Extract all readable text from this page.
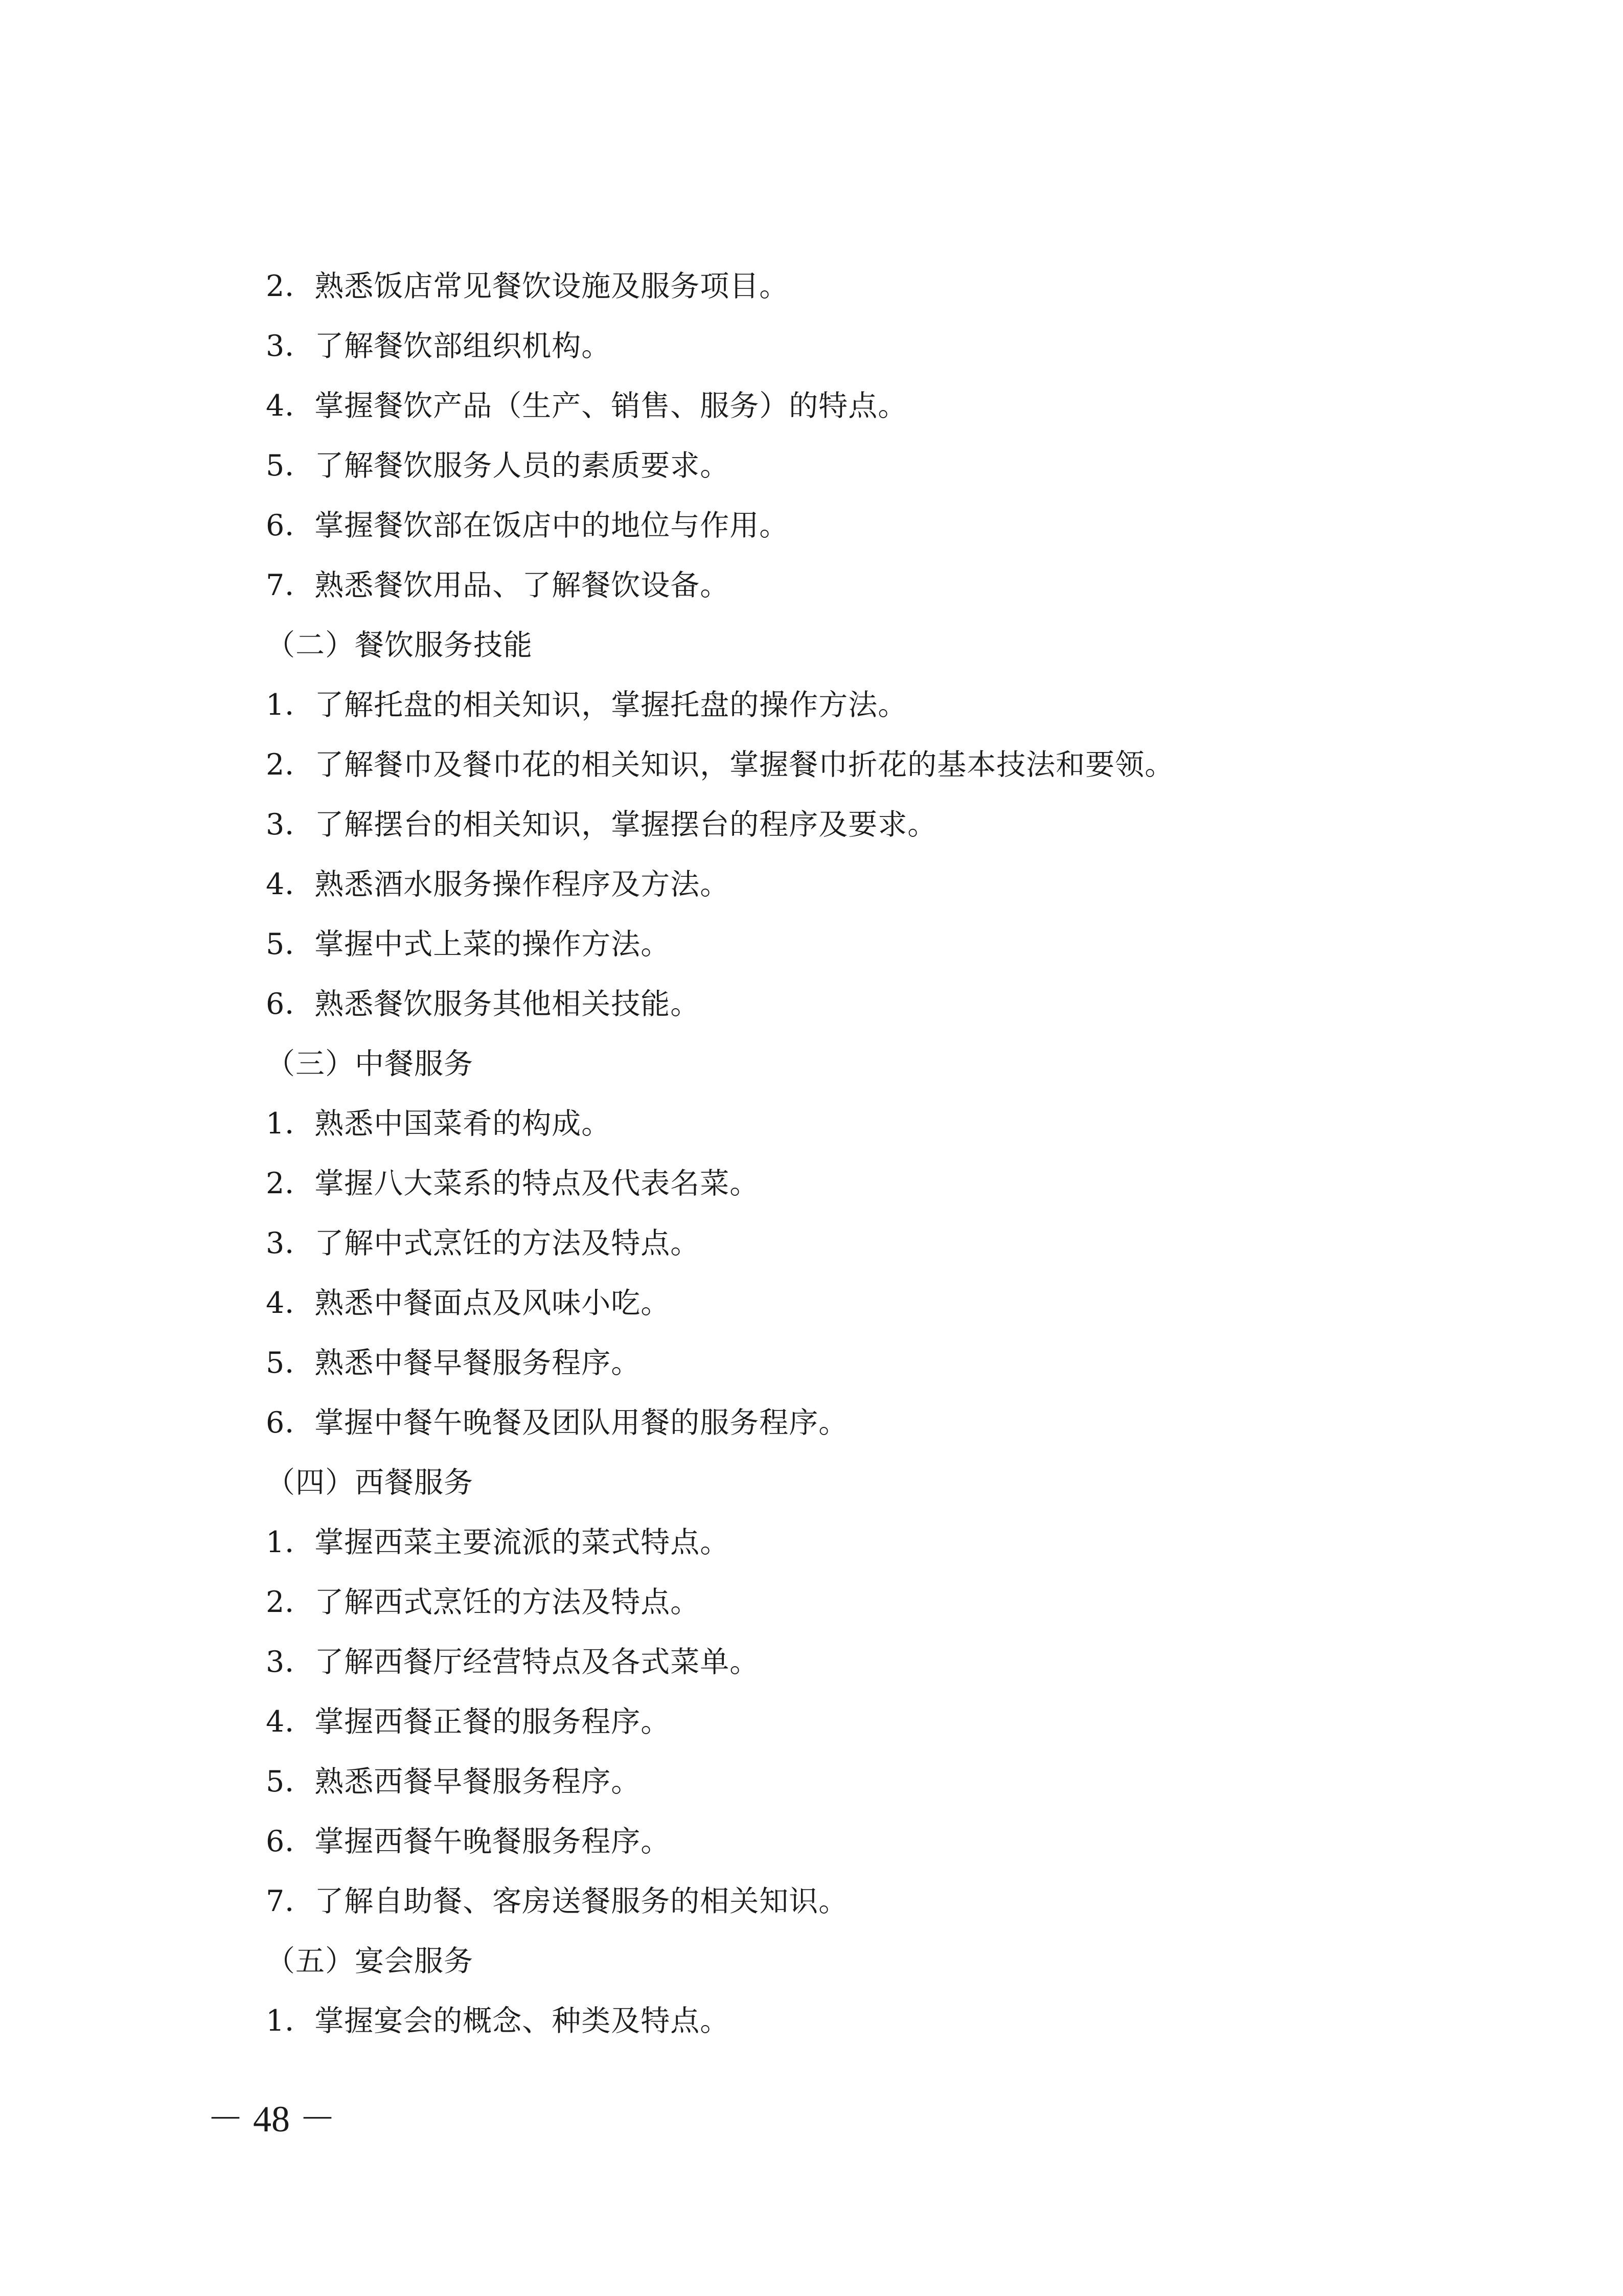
2．熟悉饭店常见餐饮设施及服务项目。
3．了解餐饮部组织机构。
4．掌握餐饮产品（生产、销售、服务）的特点。
5．了解餐饮服务人员的素质要求。
6．掌握餐饮部在饭店中的地位与作用。
7．熟悉餐饮用品、了解餐饮设备。
（二）餐饮服务技能
1．了解托盘的相关知识，掌握托盘的操作方法。
2．了解餐巾及餐巾花的相关知识，掌握餐巾折花的基本技法和要领。
3．了解摆台的相关知识，掌握摆台的程序及要求。
4．熟悉酒水服务操作程序及方法。
5．掌握中式上菜的操作方法。
6．熟悉餐饮服务其他相关技能。
（三）中餐服务
1．熟悉中国菜肴的构成。
2．掌握八大菜系的特点及代表名菜。
3．了解中式烹饪的方法及特点。
4．熟悉中餐面点及风味小吃。
5．熟悉中餐早餐服务程序。
6．掌握中餐午晚餐及团队用餐的服务程序。
（四）西餐服务
1．掌握西菜主要流派的菜式特点。
2．了解西式烹饪的方法及特点。
3．了解西餐厅经营特点及各式菜单。
4．掌握西餐正餐的服务程序。
5．熟悉西餐早餐服务程序。
6．掌握西餐午晚餐服务程序。
7．了解自助餐、客房送餐服务的相关知识。
（五）宴会服务
1．掌握宴会的概念、种类及特点。
－ 48 －
